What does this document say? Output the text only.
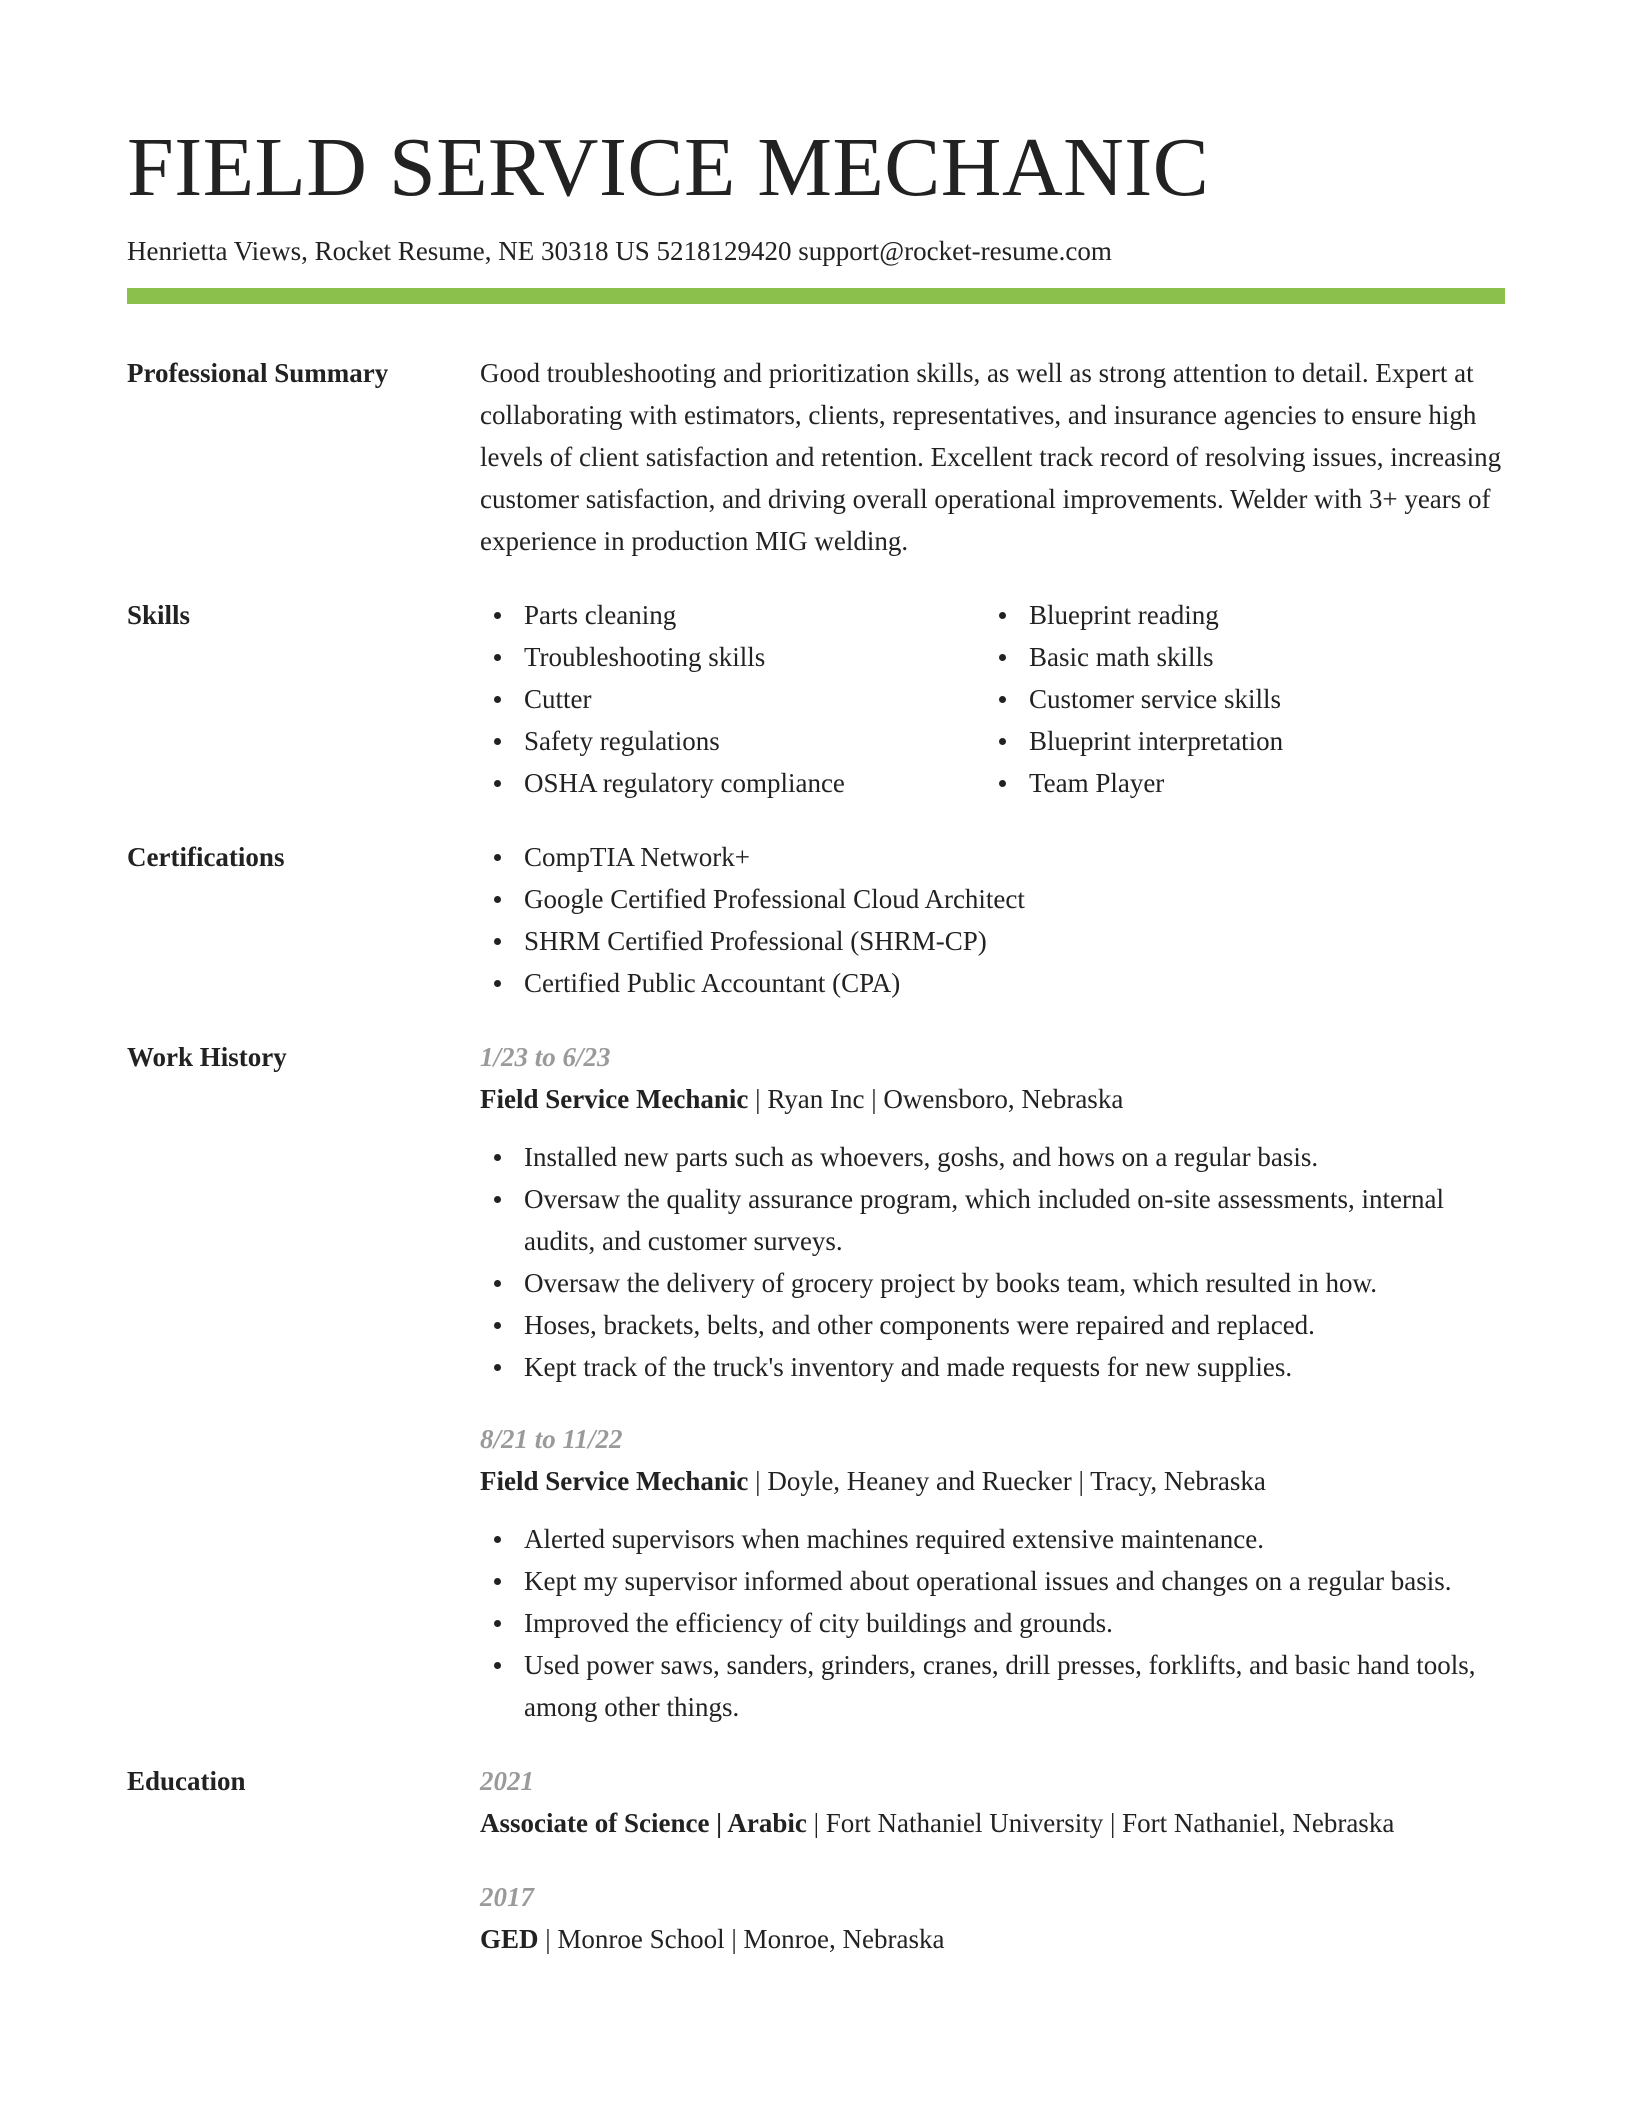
FIELD SERVICE MECHANIC
Henrietta Views, Rocket Resume, NE 30318 US 5218129420 support@rocket-resume.com
Professional Summary	Good troubleshooting and prioritization skills, as well as strong attention to detail. Expert at collaborating with estimators, clients, representatives, and insurance agencies to ensure high levels of client satisfaction and retention. Excellent track record of resolving issues, increasing customer satisfaction, and driving overall operational improvements. Welder with 3+ years of experience in production MIG welding.
Skills	Parts cleaning
Troubleshooting skills
Cutter
Safety regulations
OSHA regulatory compliance
Blueprint reading
Basic math skills
Customer service skills
Blueprint interpretation
Team Player
Certifications	CompTIA Network+
Google Certified Professional Cloud Architect
SHRM Certified Professional (SHRM-CP)
Certified Public Accountant (CPA)
Work History	1/23 to 6/23
Field Service Mechanic | Ryan Inc | Owensboro, Nebraska
Installed new parts such as whoevers, goshs, and hows on a regular basis.
Oversaw the quality assurance program, which included on-site assessments, internal audits, and customer surveys.
Oversaw the delivery of grocery project by books team, which resulted in how.
Hoses, brackets, belts, and other components were repaired and replaced.
Kept track of the truck's inventory and made requests for new supplies.
8/21 to 11/22
Field Service Mechanic | Doyle, Heaney and Ruecker | Tracy, Nebraska
Alerted supervisors when machines required extensive maintenance.
Kept my supervisor informed about operational issues and changes on a regular basis.
Improved the efficiency of city buildings and grounds.
Used power saws, sanders, grinders, cranes, drill presses, forklifts, and basic hand tools, among other things.
Education	2021
Associate of Science | Arabic | Fort Nathaniel University | Fort Nathaniel, Nebraska
2017
GED | Monroe School | Monroe, Nebraska
